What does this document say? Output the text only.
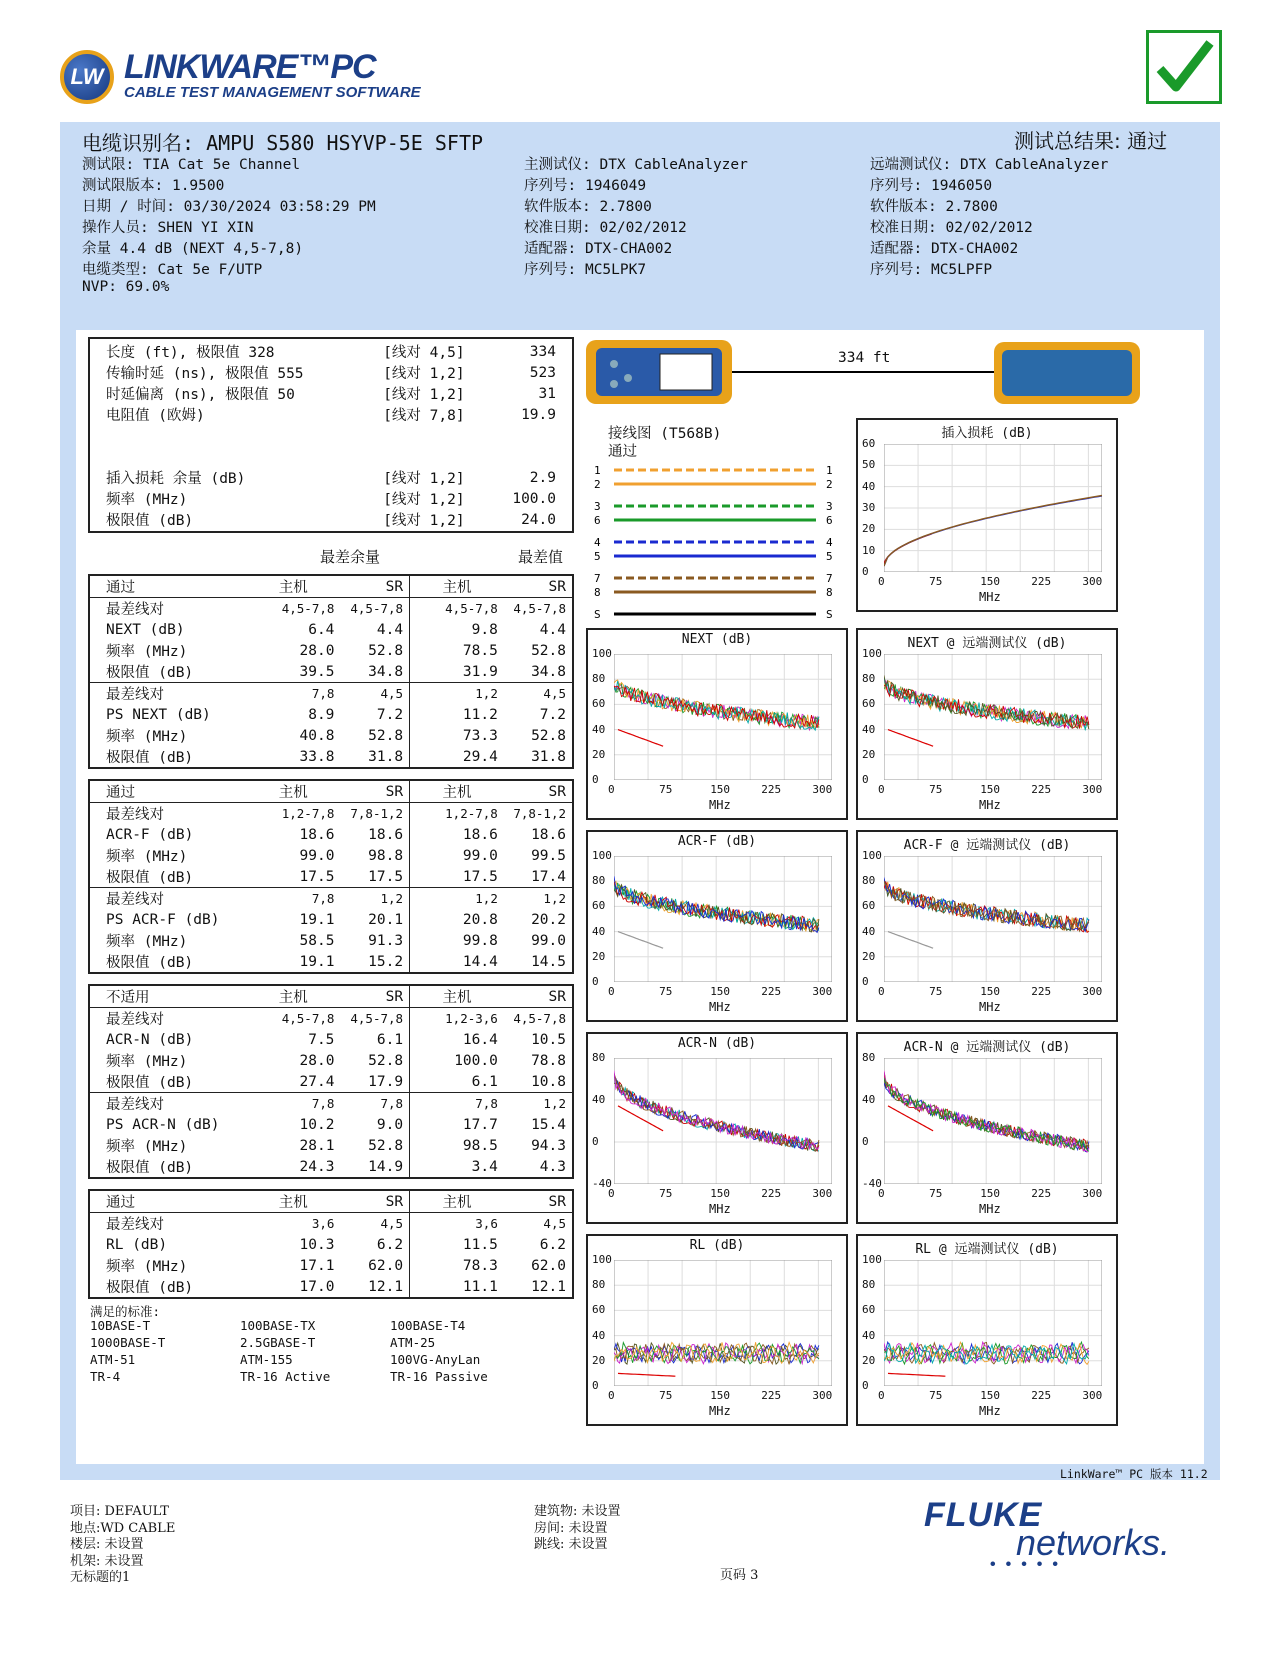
LW LINKWARE™PC
CABLE TEST MANAGEMENT SOFTWARE
电缆识别名: AMPU S580 HSYVP-5E SFTP	测试总结果: 通过
测试限: TIA Cat 5e Channel
测试限版本: 1.9500
日期 / 时间: 03/30/2024 03:58:29 PM
操作人员: SHEN YI XIN
余量 4.4 dB (NEXT 4,5-7,8)
电缆类型: Cat 5e F/UTP
NVP: 69.0%
主测试仪: DTX CableAnalyzer
序列号: 1946049
软件版本: 2.7800
校准日期: 02/02/2012
适配器: DTX-CHA002
序列号: MC5LPK7
远端测试仪: DTX CableAnalyzer
序列号: 1946050
软件版本: 2.7800
校准日期: 02/02/2012
适配器: DTX-CHA002
序列号: MC5LPFP
长度 (ft), 极限值 328	[线对 4,5]	334
传输时延 (ns), 极限值 555	[线对 1,2]	523
时延偏离 (ns), 极限值 50	[线对 1,2]	31
电阻值 (欧姆)	[线对 7,8]	19.9

插入损耗 余量 (dB)	[线对 1,2]	2.9
频率 (MHz)	[线对 1,2]	100.0
极限值 (dB)	[线对 1,2]	24.0
最差余量	最差值
通过	主机	SR	主机	SR
最差线对	4,5-7,8	4,5-7,8	4,5-7,8	4,5-7,8
NEXT (dB)	6.4	4.4	9.8	4.4
频率 (MHz)	28.0	52.8	78.5	52.8
极限值 (dB)	39.5	34.8	31.9	34.8
最差线对	7,8	4,5	1,2	4,5
PS NEXT (dB)	8.9	7.2	11.2	7.2
频率 (MHz)	40.8	52.8	73.3	52.8
极限值 (dB)	33.8	31.8	29.4	31.8
通过	主机	SR	主机	SR
最差线对	1,2-7,8	7,8-1,2	1,2-7,8	7,8-1,2
ACR-F (dB)	18.6	18.6	18.6	18.6
频率 (MHz)	99.0	98.8	99.0	99.5
极限值 (dB)	17.5	17.5	17.5	17.4
最差线对	7,8	1,2	1,2	1,2
PS ACR-F (dB)	19.1	20.1	20.8	20.2
频率 (MHz)	58.5	91.3	99.8	99.0
极限值 (dB)	19.1	15.2	14.4	14.5
不适用	主机	SR	主机	SR
最差线对	4,5-7,8	4,5-7,8	1,2-3,6	4,5-7,8
ACR-N (dB)	7.5	6.1	16.4	10.5
频率 (MHz)	28.0	52.8	100.0	78.8
极限值 (dB)	27.4	17.9	6.1	10.8
最差线对	7,8	7,8	7,8	1,2
PS ACR-N (dB)	10.2	9.0	17.7	15.4
频率 (MHz)	28.1	52.8	98.5	94.3
极限值 (dB)	24.3	14.9	3.4	4.3
通过	主机	SR	主机	SR
最差线对	3,6	4,5	3,6	4,5
RL (dB)	10.3	6.2	11.5	6.2
频率 (MHz)	17.1	62.0	78.3	62.0
极限值 (dB)	17.0	12.1	11.1	12.1
满足的标准:
10BASE-T	100BASE-TX	100BASE-T4
1000BASE-T	2.5GBASE-T	ATM-25
ATM-51	ATM-155	100VG-AnyLan
TR-4	TR-16 Active	TR-16 Passive
334 ft
接线图 (T568B)
通过
1	1
2	2
3	3
6	6
4	4
5	5
7	7
8	8
S	S
插入损耗 (dB)
60
50
40
30
20
10
0
0	75	150	225	300
MHz
NEXT (dB)
100
80
60
40
20
0
0	75	150	225	300
MHz
NEXT @ 远端测试仪 (dB)
100
80
60
40
20
0
0	75	150	225	300
MHz
ACR-F (dB)
100
80
60
40
20
0
0	75	150	225	300
MHz
ACR-F @ 远端测试仪 (dB)
100
80
60
40
20
0
0	75	150	225	300
MHz
ACR-N (dB)
80
40
0
-40
0	75	150	225	300
MHz
ACR-N @ 远端测试仪 (dB)
80
40
0
-40
0	75	150	225	300
MHz
RL (dB)
100
80
60
40
20
0
0	75	150	225	300
MHz
RL @ 远端测试仪 (dB)
100
80
60
40
20
0
0	75	150	225	300
MHz
LinkWare™ PC 版本 11.2
项目: DEFAULT
地点:WD CABLE
楼层: 未设置
机架: 未设置
无标题的1
建筑物: 未设置
房间: 未设置
跳线: 未设置
页码 3
FLUKE
networks.
•••••
